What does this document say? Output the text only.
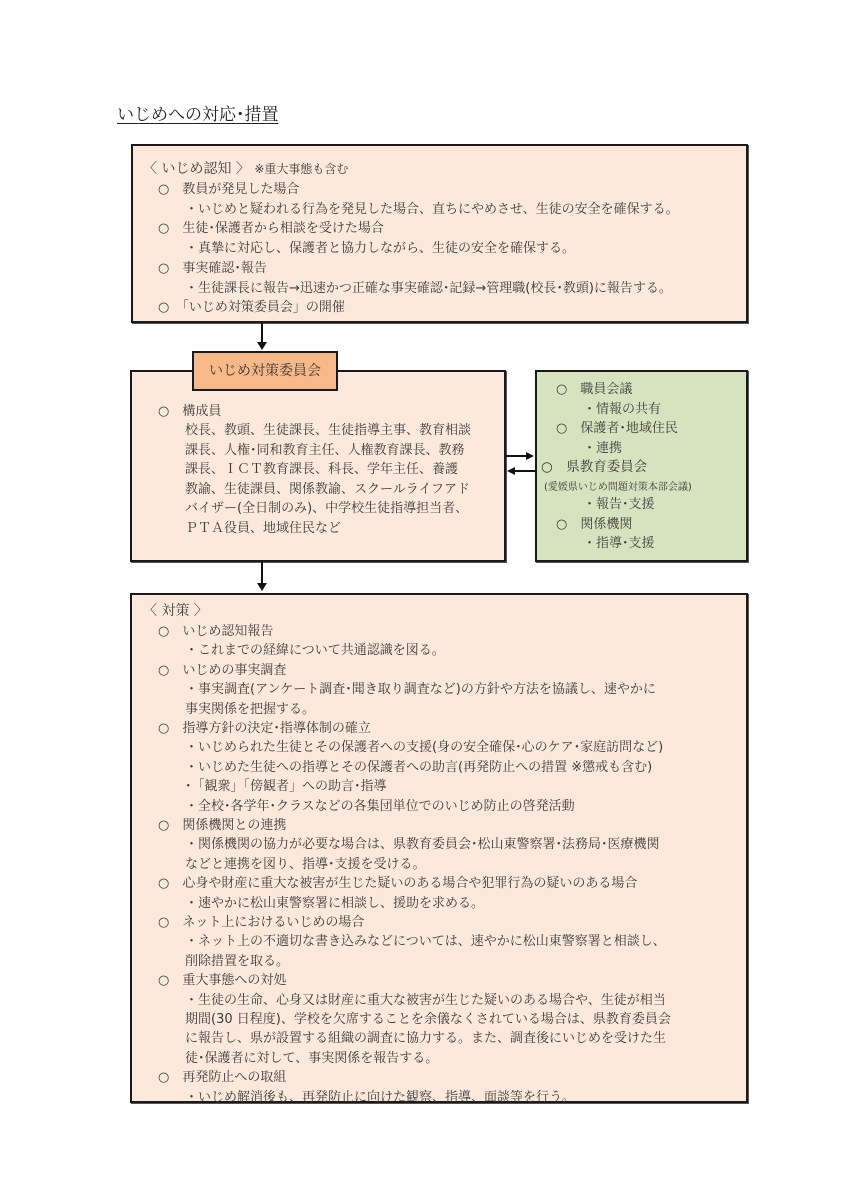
いじめへの対応･措置
〈 いじめ認知 〉 ※重大事態も含む
○　教員が発見した場合
・いじめと疑われる行為を発見した場合、直ちにやめさせ、生徒の安全を確保する。
○　生徒･保護者から相談を受けた場合
・真摯に対応し、保護者と協力しながら、生徒の安全を確保する。
○　事実確認･報告
・生徒課長に報告→迅速かつ正確な事実確認･記録→管理職(校長･教頭)に報告する。
○　「いじめ対策委員会」の開催
いじめ対策委員会
○　構成員
校長、教頭、生徒課長、生徒指導主事、教育相談
課長、人権･同和教育主任、人権教育課長、教務
課長、ＩＣＴ教育課長、科長、学年主任、養護
教諭、生徒課員、関係教諭、スクールライフアド
バイザー(全日制のみ)、中学校生徒指導担当者、
ＰＴＡ役員、地域住民など
○　職員会議
・情報の共有
○　保護者･地域住民
・連携
○　県教育委員会
(愛媛県いじめ問題対策本部会議)
・報告･支援
○　関係機関
・指導･支援
〈 対策 〉
○　いじめ認知報告
・これまでの経緯について共通認識を図る。
○　いじめの事実調査
・事実調査(アンケート調査･聞き取り調査など)の方針や方法を協議し、速やかに
事実関係を把握する。
○　指導方針の決定･指導体制の確立
・いじめられた生徒とその保護者への支援(身の安全確保･心のケア･家庭訪問など)
・いじめた生徒への指導とその保護者への助言(再発防止への措置 ※懲戒も含む)
･「観衆」「傍観者」への助言･指導
・全校･各学年･クラスなどの各集団単位でのいじめ防止の啓発活動
○　関係機関との連携
・関係機関の協力が必要な場合は、県教育委員会･松山東警察署･法務局･医療機関
などと連携を図り、指導･支援を受ける。
○　心身や財産に重大な被害が生じた疑いのある場合や犯罪行為の疑いのある場合
・速やかに松山東警察署に相談し、援助を求める。
○　ネット上におけるいじめの場合
・ネット上の不適切な書き込みなどについては、速やかに松山東警察署と相談し、
削除措置を取る。
○　重大事態への対処
・生徒の生命、心身又は財産に重大な被害が生じた疑いのある場合や、生徒が相当
期間(30 日程度)、学校を欠席することを余儀なくされている場合は、県教育委員会
に報告し、県が設置する組織の調査に協力する。また、調査後にいじめを受けた生
徒･保護者に対して、事実関係を報告する。
○　再発防止への取組
・いじめ解消後も、再発防止に向けた観察、指導、面談等を行う。
